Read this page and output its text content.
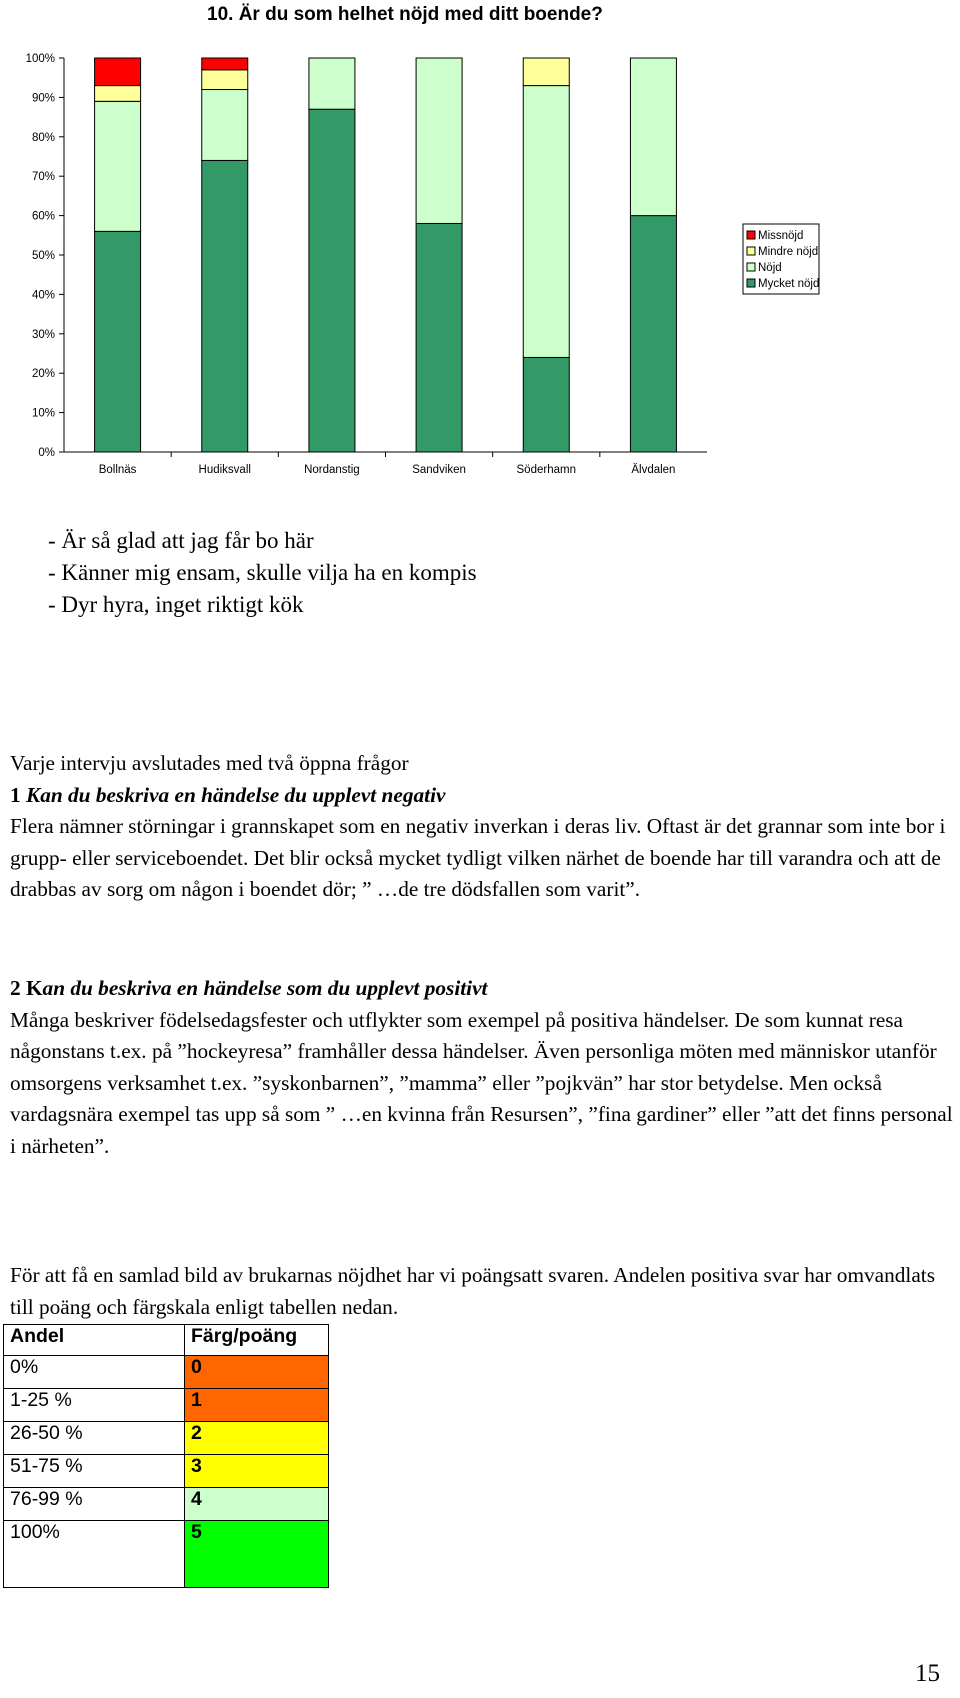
10. Är du som helhet nöjd med ditt boende?
0%
10%
20%
30%
40%
50%
60%
70%
80%
90%
100%
Bollnäs	Hudiksvall	Nordanstig	Sandviken	Söderhamn	Älvdalen
Missnöjd
Mindre nöjd
Nöjd
Mycket nöjd
- Är så glad att jag får bo här
- Känner mig ensam, skulle vilja ha en kompis
- Dyr hyra, inget riktigt kök

Varje intervju avslutades med två öppna frågor

1 Kan du beskriva en händelse du upplevt negativ

Flera nämner störningar i grannskapet som en negativ inverkan i deras liv. Oftast är det grannar som inte bor i grupp- eller serviceboendet. Det blir också mycket tydligt vilken närhet de boende har till varandra och att de drabbas av sorg om någon i boendet dör; ” …de tre dödsfallen som varit”.

2 Kan du beskriva en händelse som du upplevt positivt

Många beskriver födelsedagsfester och utflykter som exempel på positiva händelser. De som kunnat resa någonstans t.ex. på ”hockeyresa” framhåller dessa händelser. Även personliga möten med människor utanför omsorgens verksamhet t.ex. ”syskonbarnen”, ”mamma” eller ”pojkvän” har stor betydelse. Men också vardagsnära exempel tas upp så som ” …en kvinna från Resursen”, ”fina gardiner” eller ”att det finns personal i närheten”.

För att få en samlad bild av brukarnas nöjdhet har vi poängsatt svaren. Andelen positiva svar har omvandlats till poäng och färgskala enligt tabellen nedan.

Andel	Färg/poäng
0%	0
1-25 %	1
26-50 %	2
51-75 %	3
76-99 %	4
100%	5
15
